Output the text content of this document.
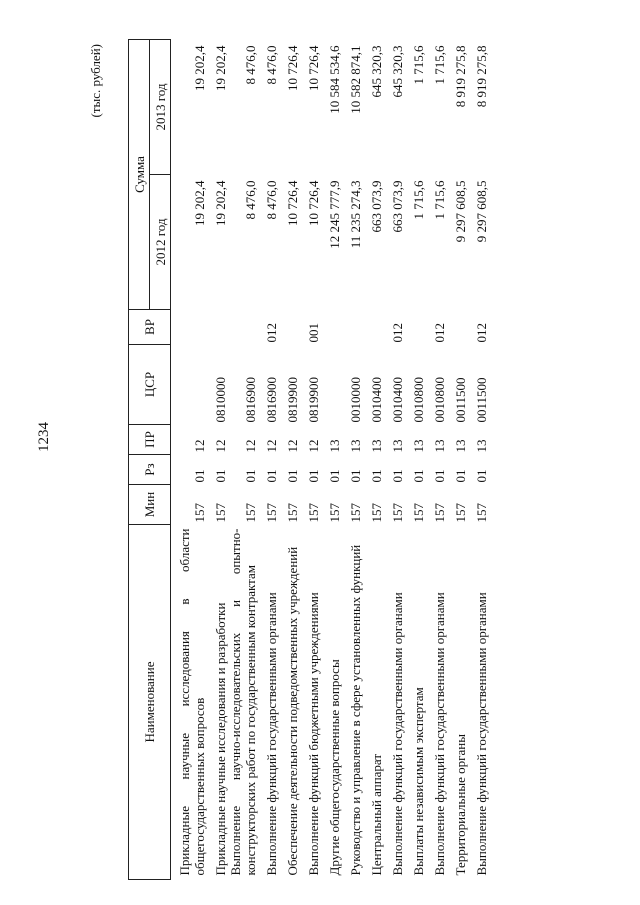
1234
(тыс. рублей)
Наименование	Мин	Рз	ПР	ЦСР	ВР	Сумма	
						2012 год	2013 год
Прикладные научные исследования в области общегосударственных вопросов	157	01	12			19 202,4	19 202,4
Прикладные научные исследования и разработки	157	01	12	0810000		19 202,4	19 202,4
Выполнение научно-исследовательских и опытно-конструкторских работ по государственным контрактам	157	01	12	0816900		8 476,0	8 476,0
Выполнение функций государственными органами	157	01	12	0816900	012	8 476,0	8 476,0
Обеспечение деятельности подведомственных учреждений	157	01	12	0819900		10 726,4	10 726,4
Выполнение функций бюджетными учреждениями	157	01	12	0819900	001	10 726,4	10 726,4
Другие общегосударственные вопросы	157	01	13			12 245 777,9	10 584 534,6
Руководство и управление в сфере установленных функций	157	01	13	0010000		11 235 274,3	10 582 874,1
Центральный аппарат	157	01	13	0010400		663 073,9	645 320,3
Выполнение функций государственными органами	157	01	13	0010400	012	663 073,9	645 320,3
Выплаты независимым экспертам	157	01	13	0010800		1 715,6	1 715,6
Выполнение функций государственными органами	157	01	13	0010800	012	1 715,6	1 715,6
Территориальные органы	157	01	13	0011500		9 297 608,5	8 919 275,8
Выполнение функций государственными органами	157	01	13	0011500	012	9 297 608,5	8 919 275,8
